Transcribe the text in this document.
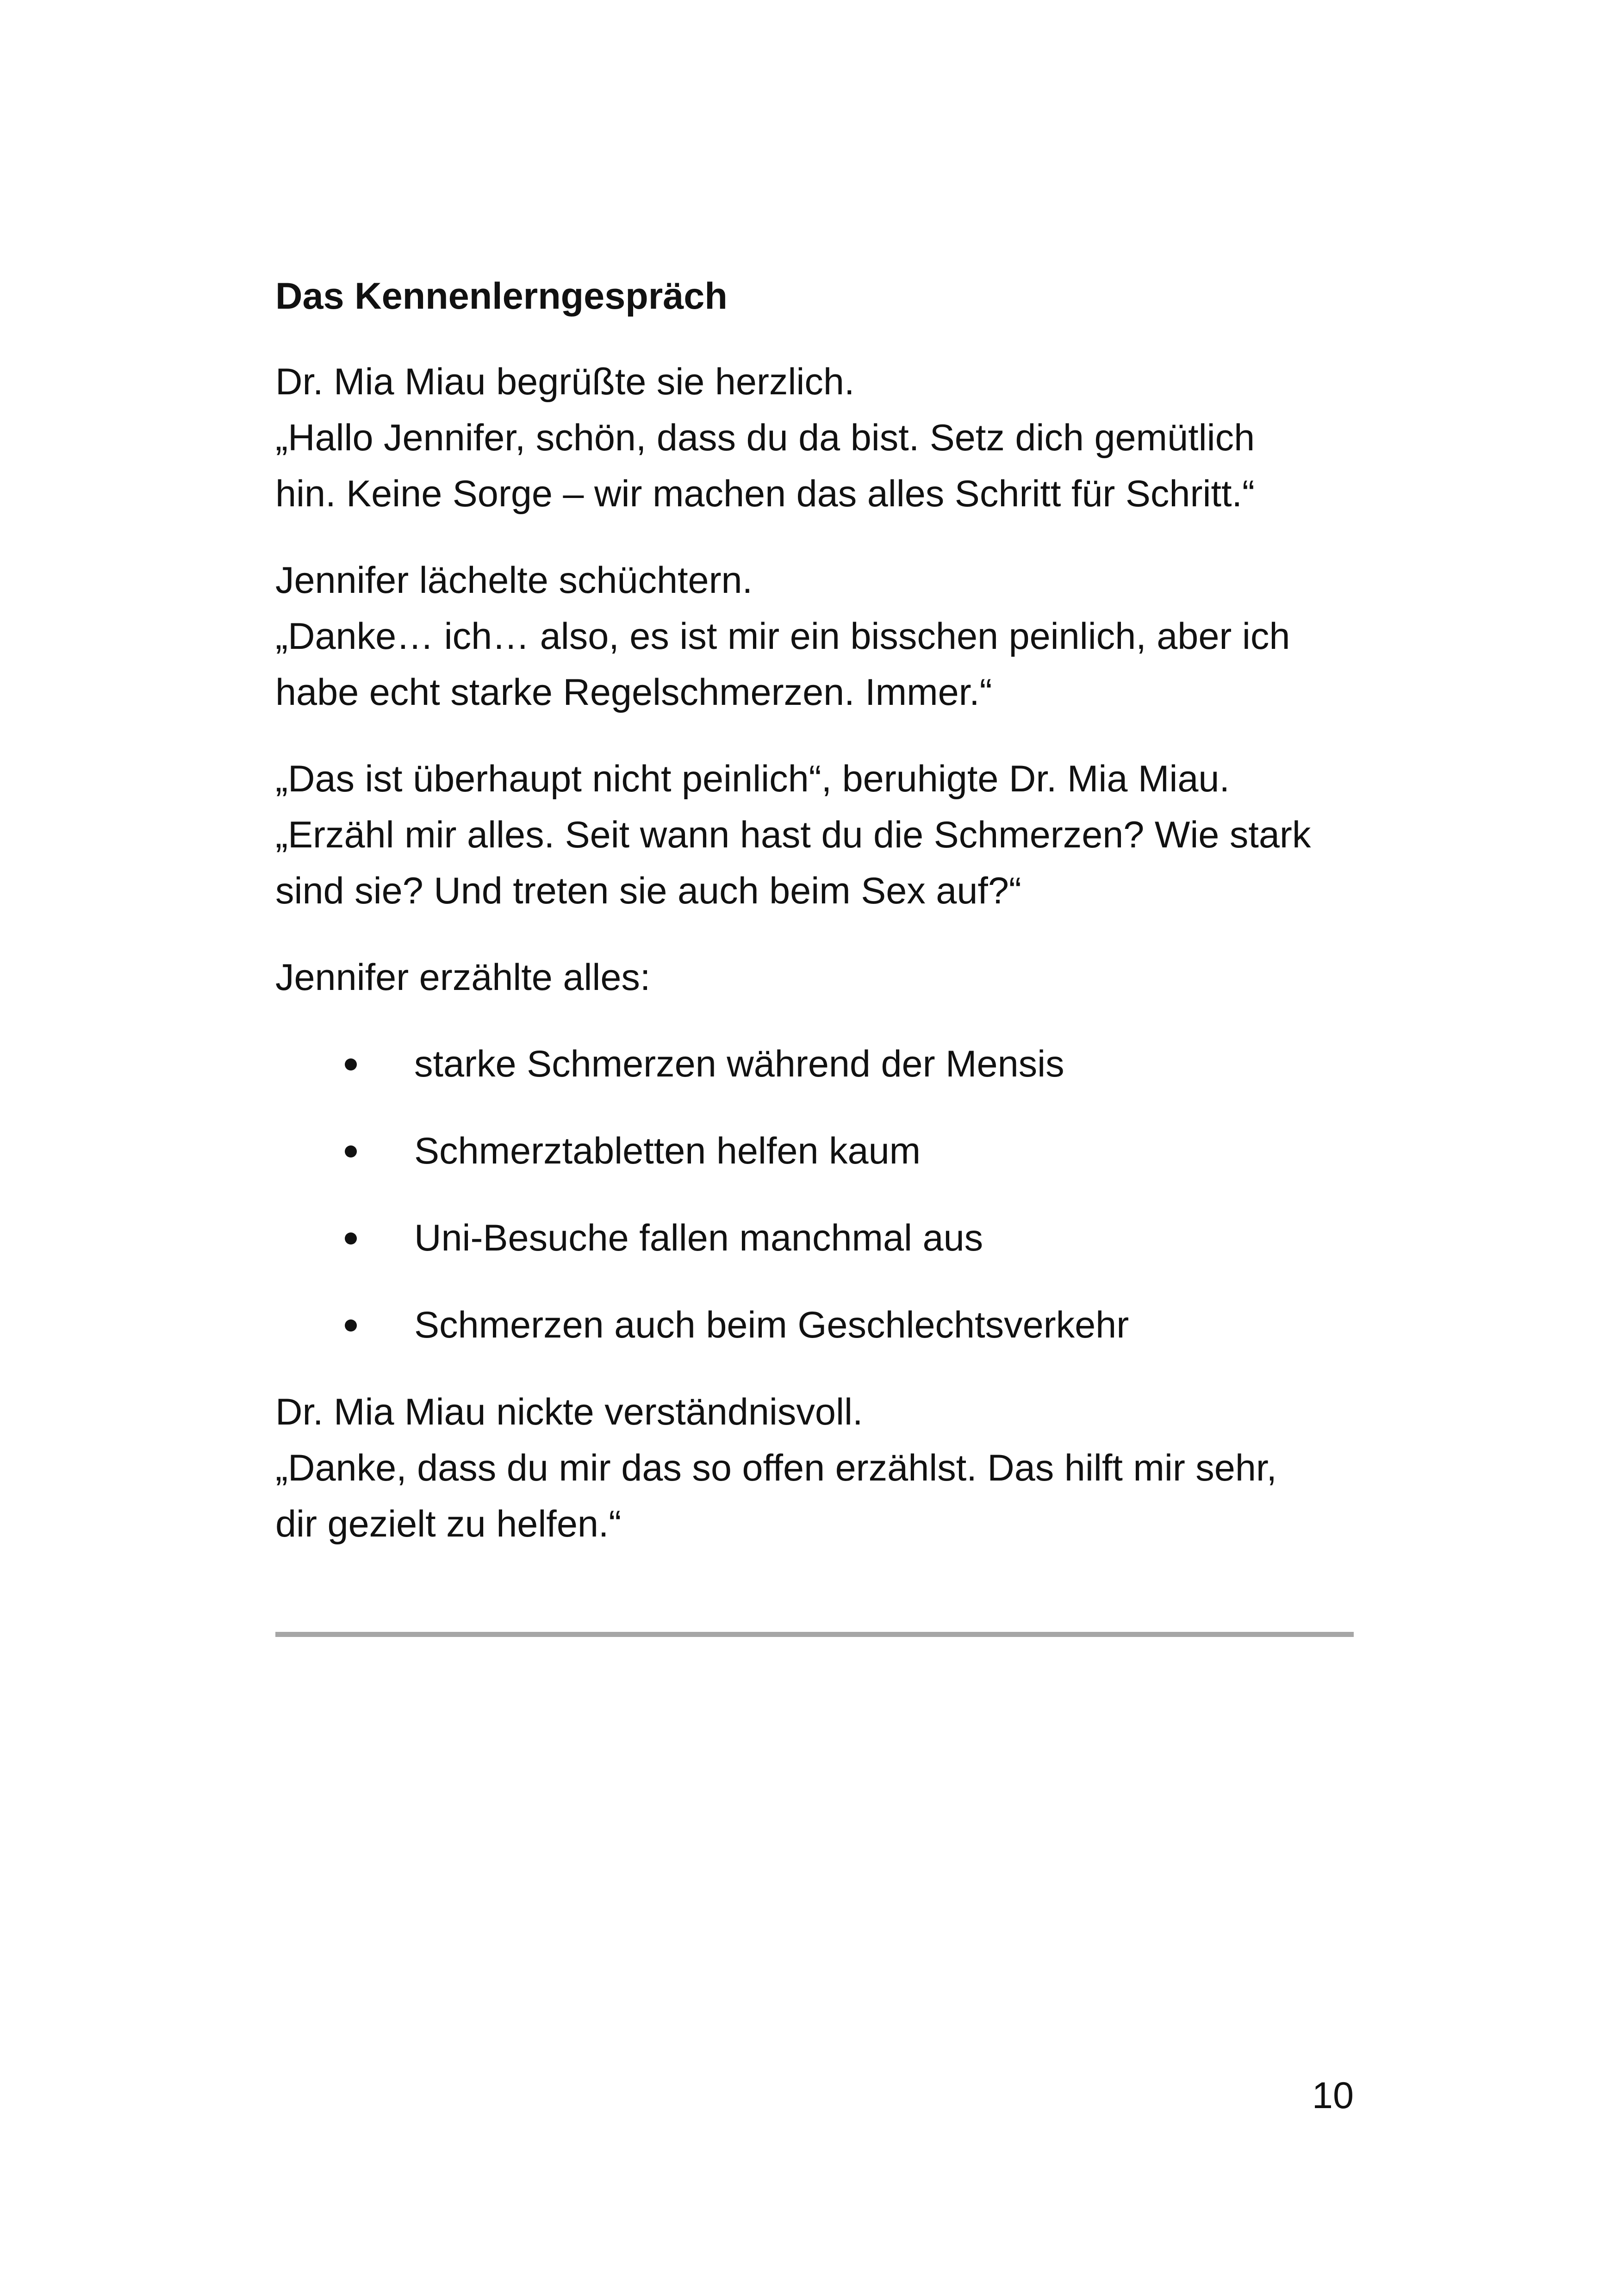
Das Kennenlerngespräch
Dr. Mia Miau begrüßte sie herzlich.
„Hallo Jennifer, schön, dass du da bist. Setz dich gemütlich
hin. Keine Sorge – wir machen das alles Schritt für Schritt.“
Jennifer lächelte schüchtern.
„Danke… ich… also, es ist mir ein bisschen peinlich, aber ich
habe echt starke Regelschmerzen. Immer.“
„Das ist überhaupt nicht peinlich“, beruhigte Dr. Mia Miau.
„Erzähl mir alles. Seit wann hast du die Schmerzen? Wie stark
sind sie? Und treten sie auch beim Sex auf?“
Jennifer erzählte alles:
starke Schmerzen während der Mensis
Schmerztabletten helfen kaum
Uni-Besuche fallen manchmal aus
Schmerzen auch beim Geschlechtsverkehr
Dr. Mia Miau nickte verständnisvoll.
„Danke, dass du mir das so offen erzählst. Das hilft mir sehr,
dir gezielt zu helfen.“
10
